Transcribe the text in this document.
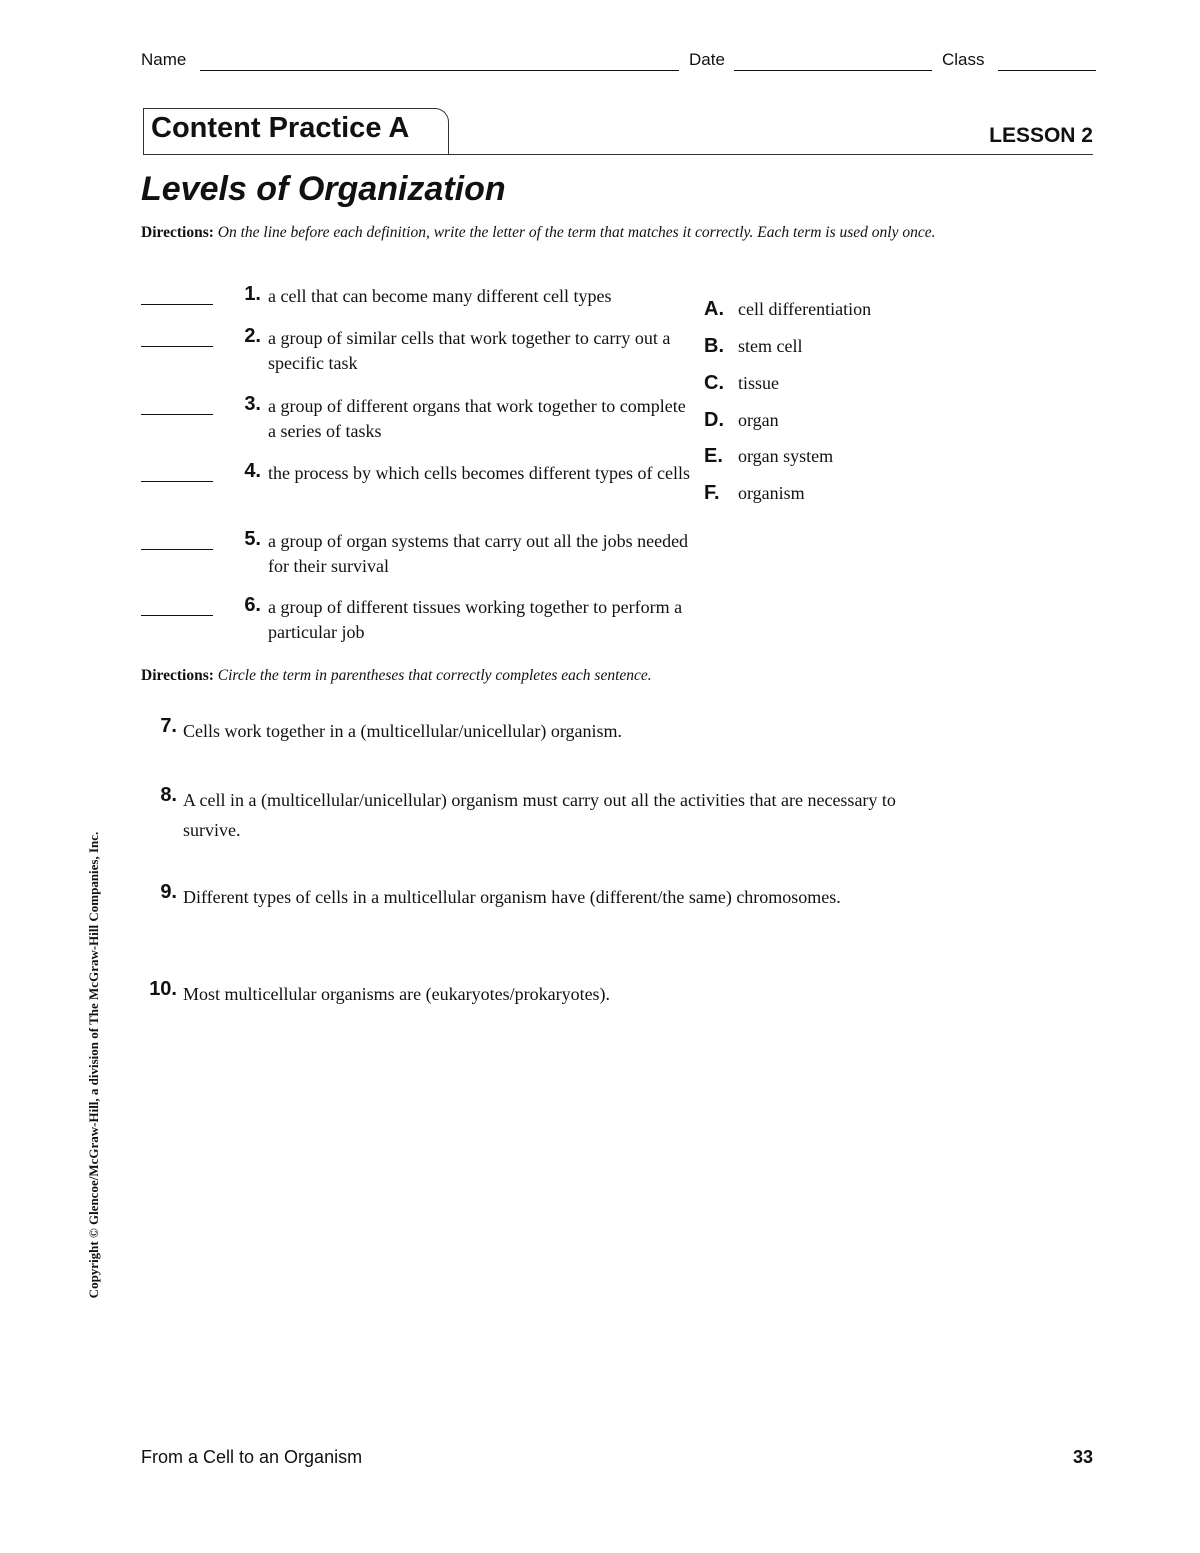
Name	Date	Class
Content Practice A	LESSON 2
Levels of Organization
Directions: On the line before each definition, write the letter of the term that matches it correctly. Each term is used only once.
1. a cell that can become many different cell types
2. a group of similar cells that work together to carry out a specific task
3. a group of different organs that work together to complete a series of tasks
4. the process by which cells becomes different types of cells
5. a group of organ systems that carry out all the jobs needed for their survival
6. a group of different tissues working together to perform a particular job
A. cell differentiation
B. stem cell
C. tissue
D. organ
E. organ system
F. organism
Directions: Circle the term in parentheses that correctly completes each sentence.
7. Cells work together in a (multicellular/unicellular) organism.
8. A cell in a (multicellular/unicellular) organism must carry out all the activities that are necessary to survive.
9. Different types of cells in a multicellular organism have (different/the same) chromosomes.
10. Most multicellular organisms are (eukaryotes/prokaryotes).
Copyright © Glencoe/McGraw-Hill, a division of The McGraw-Hill Companies, Inc.
From a Cell to an Organism	33
